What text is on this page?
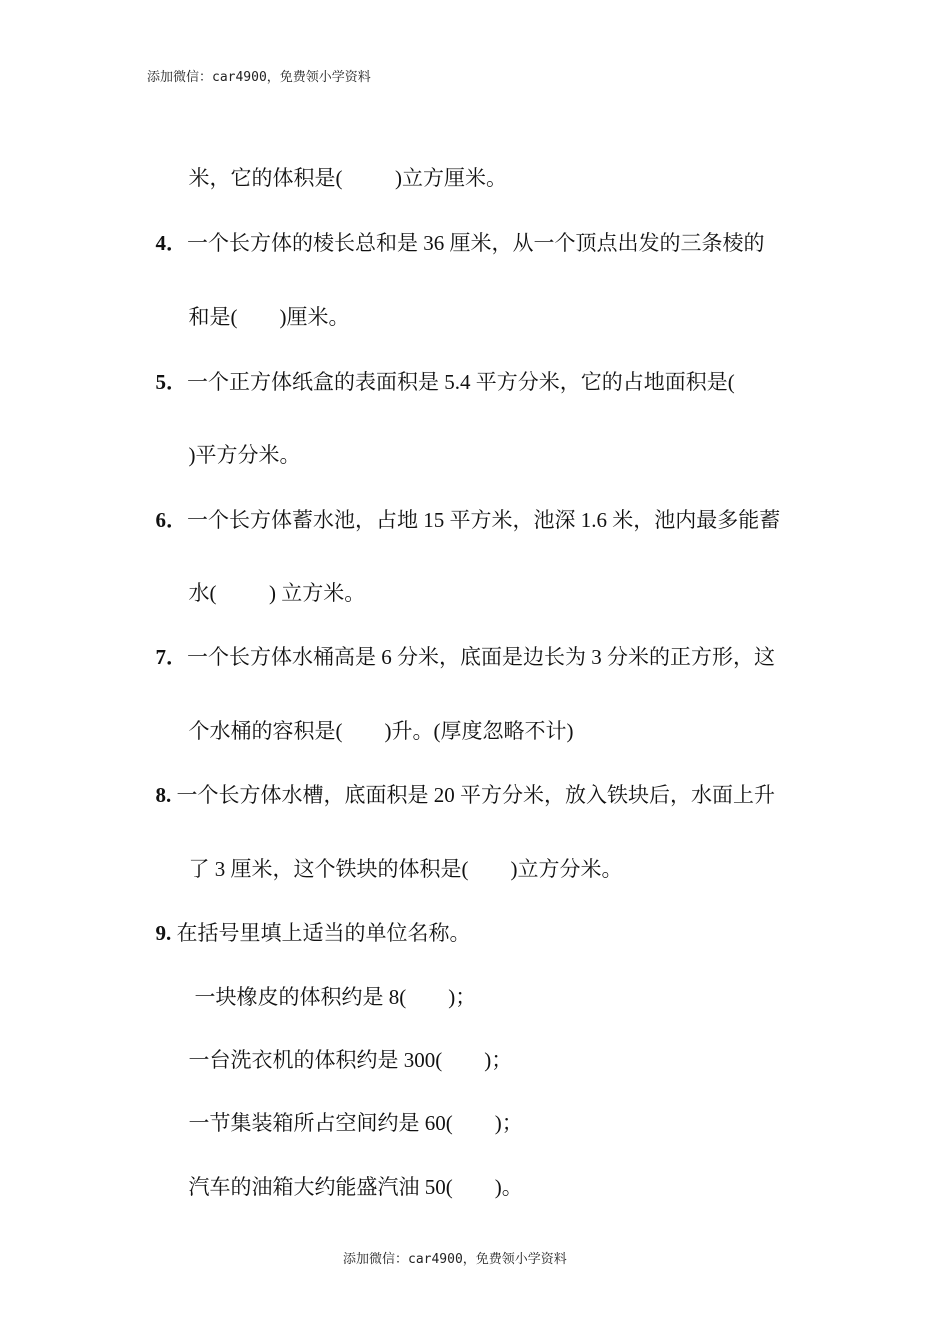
添加微信：car4900，免费领小学资料

米，它的体积是(          )立方厘米。

4．一个长方体的棱长总和是 36 厘米，从一个顶点出发的三条棱的

和是(        )厘米。

5．一个正方体纸盒的表面积是 5.4 平方分米，它的占地面积是(

)平方分米。

6．一个长方体蓄水池，占地 15 平方米，池深 1.6 米，池内最多能蓄

水(          ) 立方米。

7．一个长方体水桶高是 6 分米，底面是边长为 3 分米的正方形，这

个水桶的容积是(        )升。(厚度忽略不计)

8. 一个长方体水槽，底面积是 20 平方分米，放入铁块后，水面上升

了 3 厘米，这个铁块的体积是(        )立方分米。

9. 在括号里填上适当的单位名称。

一块橡皮的体积约是 8(        )；

一台洗衣机的体积约是 300(        )；

一节集装箱所占空间约是 60(        )；

汽车的油箱大约能盛汽油 50(        )。

添加微信：car4900，免费领小学资料
